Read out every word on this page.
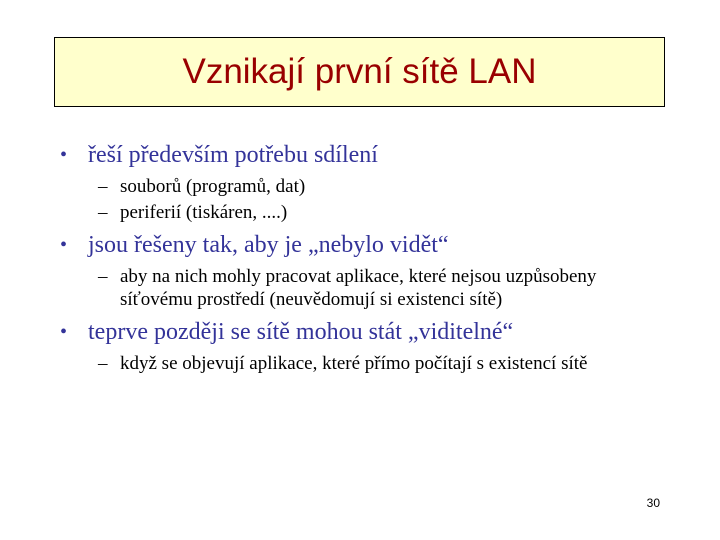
Vznikají první sítě LAN
• řeší především potřebu sdílení
– souborů (programů, dat)
– periferií (tiskáren, ....)
• jsou řešeny tak, aby je „nebylo vidět“
– aby na nich mohly pracovat aplikace, které nejsou uzpůsobeny síťovému prostředí (neuvědomují si existenci sítě)
• teprve později se sítě mohou stát „viditelné“
– když se objevují aplikace, které přímo počítají s existencí sítě
30
